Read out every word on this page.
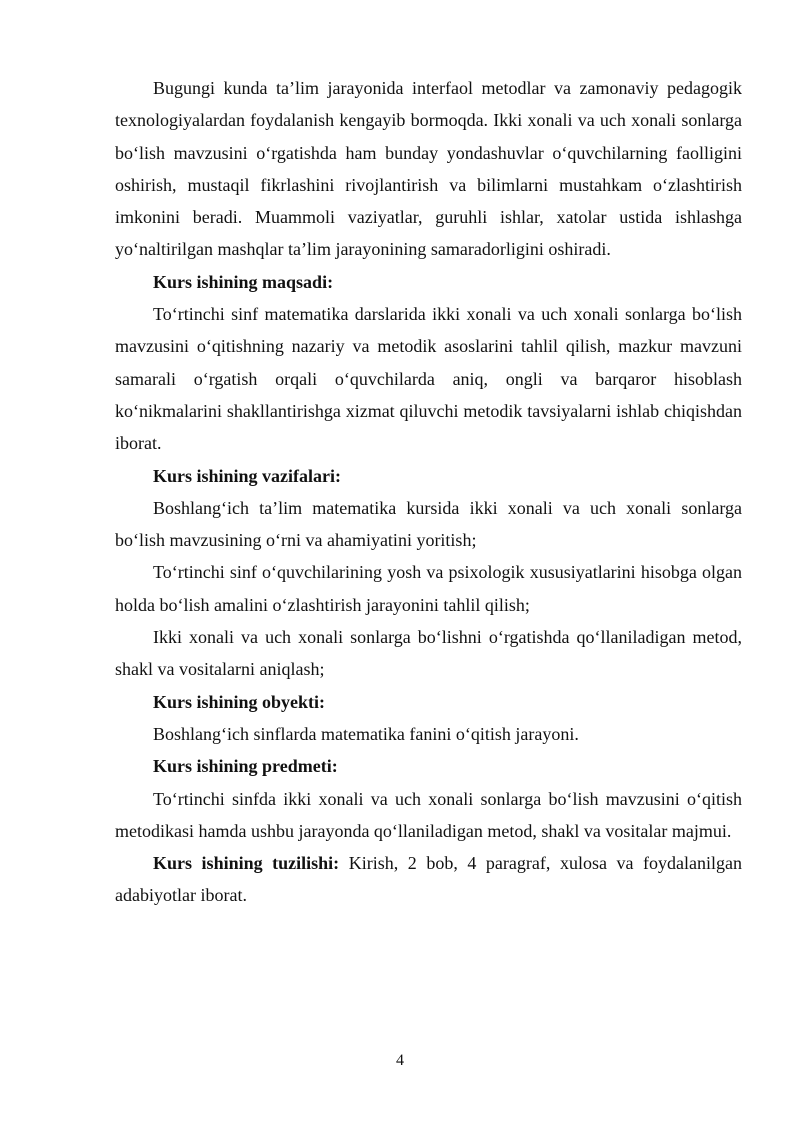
Bugungi kunda ta’lim jarayonida interfaol metodlar va zamonaviy pedagogik texnologiyalardan foydalanish kengayib bormoqda. Ikki xonali va uch xonali sonlarga bo‘lish mavzusini o‘rgatishda ham bunday yondashuvlar o‘quvchilarning faolligini oshirish, mustaqil fikrlashini rivojlantirish va bilimlarni mustahkam o‘zlashtirish imkonini beradi. Muammoli vaziyatlar, guruhli ishlar, xatolar ustida ishlashga yo‘naltirilgan mashqlar ta’lim jarayonining samaradorligini oshiradi.

Kurs ishining maqsadi:

To‘rtinchi sinf matematika darslarida ikki xonali va uch xonali sonlarga bo‘lish mavzusini o‘qitishning nazariy va metodik asoslarini tahlil qilish, mazkur mavzuni samarali o‘rgatish orqali o‘quvchilarda aniq, ongli va barqaror hisoblash ko‘nikmalarini shakllantirishga xizmat qiluvchi metodik tavsiyalarni ishlab chiqishdan iborat.

Kurs ishining vazifalari:

Boshlang‘ich ta’lim matematika kursida ikki xonali va uch xonali sonlarga bo‘lish mavzusining o‘rni va ahamiyatini yoritish;

To‘rtinchi sinf o‘quvchilarining yosh va psixologik xususiyatlarini hisobga olgan holda bo‘lish amalini o‘zlashtirish jarayonini tahlil qilish;

Ikki xonali va uch xonali sonlarga bo‘lishni o‘rgatishda qo‘llaniladigan metod, shakl va vositalarni aniqlash;

Kurs ishining obyekti:

Boshlang‘ich sinflarda matematika fanini o‘qitish jarayoni.

Kurs ishining predmeti:

To‘rtinchi sinfda ikki xonali va uch xonali sonlarga bo‘lish mavzusini o‘qitish metodikasi hamda ushbu jarayonda qo‘llaniladigan metod, shakl va vositalar majmui.

Kurs ishining tuzilishi: Kirish, 2 bob, 4 paragraf, xulosa va foydalanilgan adabiyotlar iborat.

4
